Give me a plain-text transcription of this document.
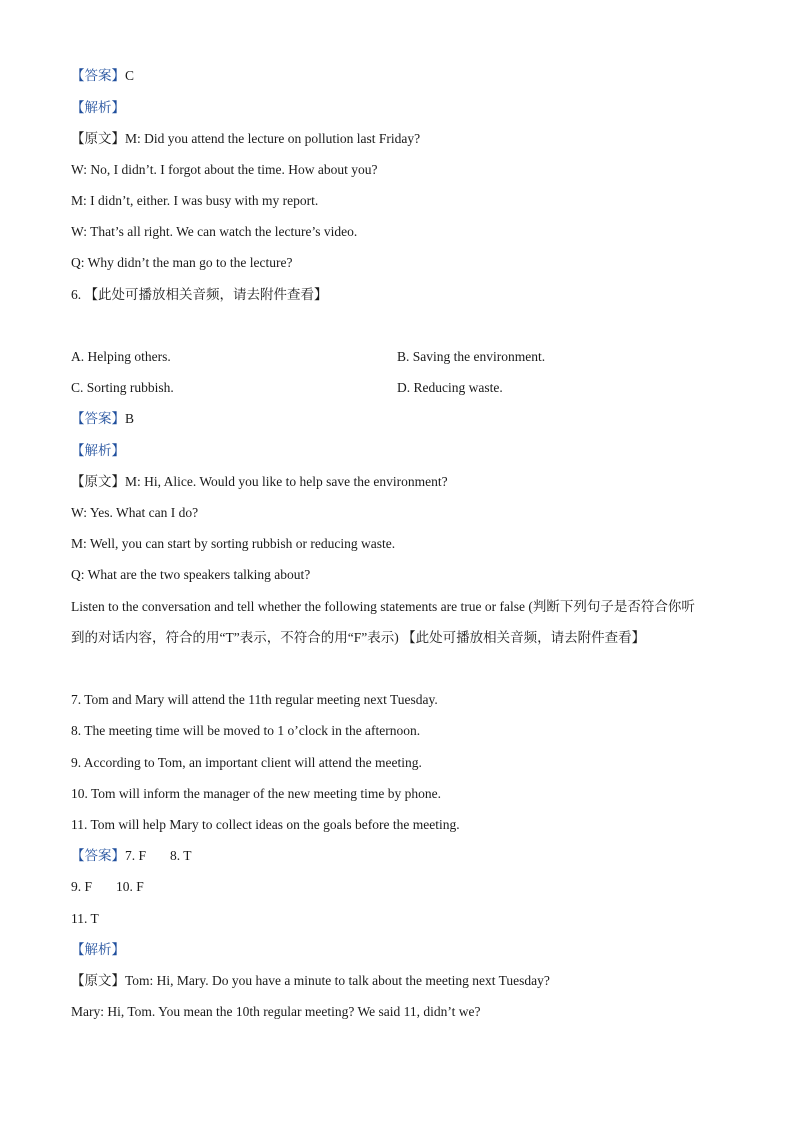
【答案】C
【解析】
【原文】M: Did you attend the lecture on pollution last Friday?
W: No, I didn’t. I forgot about the time. How about you?
M: I didn’t, either. I was busy with my report.
W: That’s all right. We can watch the lecture’s video.
Q: Why didn’t the man go to the lecture?
6. 【此处可播放相关音频，请去附件查看】
A. Helping others.	B. Saving the environment.
C. Sorting rubbish.	D. Reducing waste.
【答案】B
【解析】
【原文】M: Hi, Alice. Would you like to help save the environment?
W: Yes. What can I do?
M: Well, you can start by sorting rubbish or reducing waste.
Q: What are the two speakers talking about?
Listen to the conversation and tell whether the following statements are true or false (判断下列句子是否符合你听
到的对话内容，符合的用“T”表示，不符合的用“F”表示) 【此处可播放相关音频，请去附件查看】
7. Tom and Mary will attend the 11th regular meeting next Tuesday.
8. The meeting time will be moved to 1 o’clock in the afternoon.
9. According to Tom, an important client will attend the meeting.
10. Tom will inform the manager of the new meeting time by phone.
11. Tom will help Mary to collect ideas on the goals before the meeting.
【答案】7. F 8. T
9. F 10. F
11. T
【解析】
【原文】Tom: Hi, Mary. Do you have a minute to talk about the meeting next Tuesday?
Mary: Hi, Tom. You mean the 10th regular meeting? We said 11, didn’t we?
